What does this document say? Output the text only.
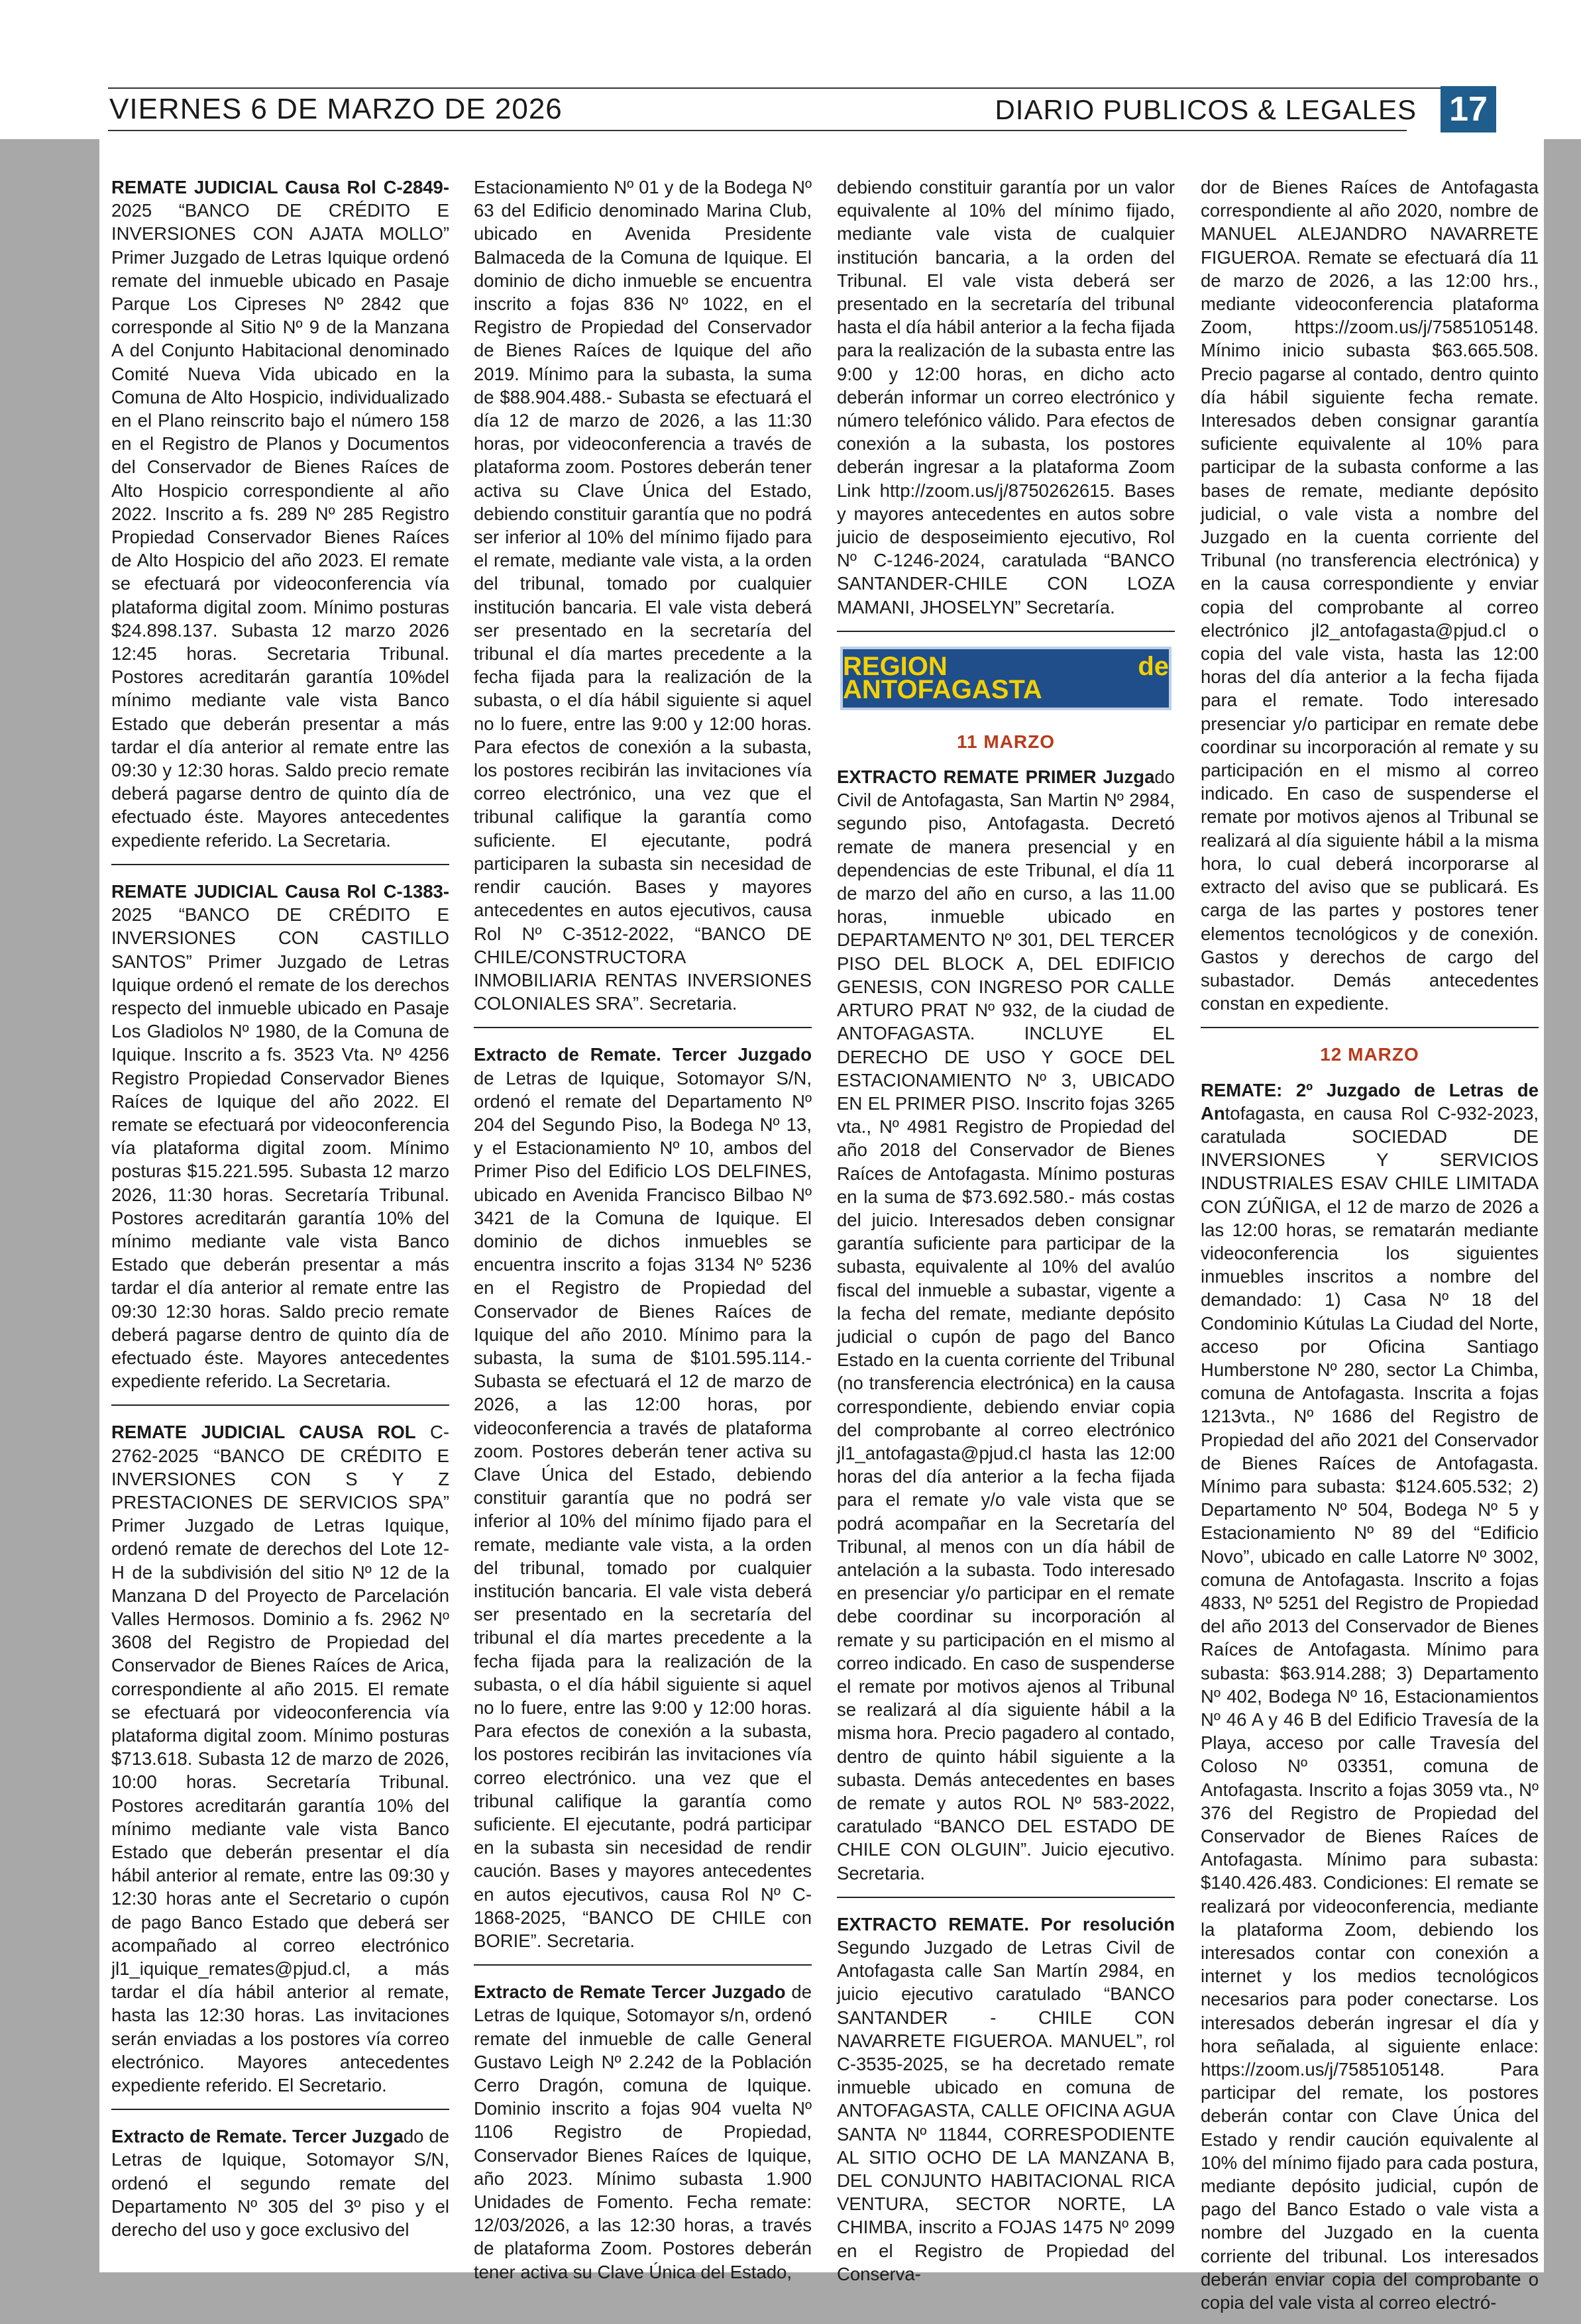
VIERNES 6 DE MARZO DE 2026	DIARIO PUBLICOS & LEGALES 17

REMATE JUDICIAL Causa Rol C-2849-2025 “BANCO DE CRÉDITO E INVERSIONES CON AJATA MOLLO” Primer Juzgado de Letras Iquique ordenó remate del inmueble ubicado en Pasaje Parque Los Cipreses Nº 2842 que corresponde al Sitio Nº 9 de la Manzana A del Conjunto Habitacional denominado Comité Nueva Vida ubicado en la Comuna de Alto Hospicio, individualizado en el Plano reinscrito bajo el número 158 en el Registro de Planos y Documentos del Conservador de Bienes Raíces de Alto Hospicio correspondiente al año 2022. Inscrito a fs. 289 Nº 285 Registro Propiedad Conservador Bienes Raíces de Alto Hospicio del año 2023. El remate se efectuará por videoconferencia vía plataforma digital zoom. Mínimo posturas $24.898.137. Subasta 12 marzo 2026 12:45 horas. Secretaria Tribunal. Postores acreditarán garantía 10%del mínimo mediante vale vista Banco Estado que deberán presentar a más tardar el día anterior al remate entre las 09:30 y 12:30 horas. Saldo precio remate deberá pagarse dentro de quinto día de efectuado éste. Mayores antecedentes expediente referido. La Secretaria.

REMATE JUDICIAL Causa Rol C-1383-2025 “BANCO DE CRÉDITO E INVERSIONES CON CASTILLO SANTOS” Primer Juzgado de Letras Iquique ordenó el remate de los derechos respecto del inmueble ubicado en Pasaje Los Gladiolos Nº 1980, de la Comuna de Iquique. Inscrito a fs. 3523 Vta. Nº 4256 Registro Propiedad Conservador Bienes Raíces de Iquique del año 2022. El remate se efectuará por videoconferencia vía plataforma digital zoom. Mínimo posturas $15.221.595. Subasta 12 marzo 2026, 11:30 horas. Secretaría Tribunal. Postores acreditarán garantía 10% del mínimo mediante vale vista Banco Estado que deberán presentar a más tardar el día anterior al remate entre Ias 09:30 12:30 horas. Saldo precio remate deberá pagarse dentro de quinto día de efectuado éste. Mayores antecedentes expediente referido. La Secretaria.

REMATE JUDICIAL CAUSA ROL C-2762-2025 “BANCO DE CRÉDITO E INVERSIONES CON S Y Z PRESTACIONES DE SERVICIOS SPA” Primer Juzgado de Letras Iquique, ordenó remate de derechos del Lote 12-H de la subdivisión del sitio Nº 12 de la Manzana D del Proyecto de Parcelación Valles Hermosos. Dominio a fs. 2962 Nº 3608 del Registro de Propiedad del Conservador de Bienes Raíces de Arica, correspondiente al año 2015. El remate se efectuará por videoconferencia vía plataforma digital zoom. Mínimo posturas $713.618. Subasta 12 de marzo de 2026, 10:00 horas. Secretaría Tribunal. Postores acreditarán garantía 10% del mínimo mediante vale vista Banco Estado que deberán presentar el día hábil anterior al remate, entre las 09:30 y 12:30 horas ante el Secretario o cupón de pago Banco Estado que deberá ser acompañado al correo electrónico jl1_iquique_remates@pjud.cl, a más tardar el día hábil anterior al remate, hasta las 12:30 horas. Las invitaciones serán enviadas a los postores vía correo electrónico. Mayores antecedentes expediente referido. El Secretario.

Extracto de Remate. Tercer Juzgado de Letras de Iquique, Sotomayor S/N, ordenó el segundo remate del Departamento Nº 305 del 3º piso y el derecho del uso y goce exclusivo del

Estacionamiento Nº 01 y de la Bodega Nº 63 del Edificio denominado Marina Club, ubicado en Avenida Presidente Balmaceda de la Comuna de Iquique. El dominio de dicho inmueble se encuentra inscrito a fojas 836 Nº 1022, en el Registro de Propiedad del Conservador de Bienes Raíces de Iquique del año 2019. Mínimo para la subasta, la suma de $88.904.488.- Subasta se efectuará el día 12 de marzo de 2026, a las 11:30 horas, por videoconferencia a través de plataforma zoom. Postores deberán tener activa su Clave Única del Estado, debiendo constituir garantía que no podrá ser inferior al 10% del mínimo fijado para el remate, mediante vale vista, a la orden del tribunal, tomado por cualquier institución bancaria. El vale vista deberá ser presentado en la secretaría del tribunal el día martes precedente a la fecha fijada para la realización de la subasta, o el día hábil siguiente si aquel no lo fuere, entre las 9:00 y 12:00 horas. Para efectos de conexión a la subasta, los postores recibirán las invitaciones vía correo electrónico, una vez que el tribunal califique la garantía como suficiente. El ejecutante, podrá participaren la subasta sin necesidad de rendir caución. Bases y mayores antecedentes en autos ejecutivos, causa Rol Nº C-3512-2022, “BANCO DE CHILE/CONSTRUCTORA INMOBILIARIA RENTAS INVERSIONES COLONIALES SRA”. Secretaria.

Extracto de Remate. Tercer Juzgado de Letras de Iquique, Sotomayor S/N, ordenó el remate del Departamento Nº 204 del Segundo Piso, la Bodega Nº 13, y el Estacionamiento Nº 10, ambos del Primer Piso del Edificio LOS DELFINES, ubicado en Avenida Francisco Bilbao Nº 3421 de la Comuna de Iquique. El dominio de dichos inmuebles se encuentra inscrito a fojas 3134 Nº 5236 en el Registro de Propiedad del Conservador de Bienes Raíces de Iquique del año 2010. Mínimo para la subasta, la suma de $101.595.114.-Subasta se efectuará el 12 de marzo de 2026, a las 12:00 horas, por videoconferencia a través de plataforma zoom. Postores deberán tener activa su Clave Única del Estado, debiendo constituir garantía que no podrá ser inferior al 10% del mínimo fijado para el remate, mediante vale vista, a la orden del tribunal, tomado por cualquier institución bancaria. El vale vista deberá ser presentado en la secretaría del tribunal el día martes precedente a la fecha fijada para la realización de la subasta, o el día hábil siguiente si aquel no lo fuere, entre las 9:00 y 12:00 horas. Para efectos de conexión a la subasta, los postores recibirán las invitaciones vía correo electrónico. una vez que el tribunal califique la garantía como suficiente. El ejecutante, podrá participar en la subasta sin necesidad de rendir caución. Bases y mayores antecedentes en autos ejecutivos, causa Rol Nº C-1868-2025, “BANCO DE CHILE con BORIE”. Secretaria.

Extracto de Remate Tercer Juzgado de Letras de Iquique, Sotomayor s/n, ordenó remate del inmueble de calle General Gustavo Leigh Nº 2.242 de la Población Cerro Dragón, comuna de Iquique. Dominio inscrito a fojas 904 vuelta Nº 1106 Registro de Propiedad, Conservador Bienes Raíces de Iquique, año 2023. Mínimo subasta 1.900 Unidades de Fomento. Fecha remate: 12/03/2026, a las 12:30 horas, a través de plataforma Zoom. Postores deberán tener activa su Clave Única del Estado,

debiendo constituir garantía por un valor equivalente al 10% del mínimo fijado, mediante vale vista de cualquier institución bancaria, a la orden del Tribunal. El vale vista deberá ser presentado en la secretaría del tribunal hasta el día hábil anterior a la fecha fijada para la realización de la subasta entre las 9:00 y 12:00 horas, en dicho acto deberán informar un correo electrónico y número telefónico válido. Para efectos de conexión a la subasta, los postores deberán ingresar a la plataforma Zoom Link http://zoom.us/j/8750262615. Bases y mayores antecedentes en autos sobre juicio de desposeimiento ejecutivo, Rol Nº C-1246-2024, caratulada “BANCO SANTANDER-CHILE CON LOZA MAMANI, JHOSELYN” Secretaría.

REGION de ANTOFAGASTA
11 MARZO

EXTRACTO REMATE PRIMER Juzgado Civil de Antofagasta, San Martin Nº 2984, segundo piso, Antofagasta. Decretó remate de manera presencial y en dependencias de este Tribunal, el día 11 de marzo del año en curso, a las 11.00 horas, inmueble ubicado en DEPARTAMENTO Nº 301, DEL TERCER PISO DEL BLOCK A, DEL EDIFICIO GENESIS, CON INGRESO POR CALLE ARTURO PRAT Nº 932, de la ciudad de ANTOFAGASTA. INCLUYE EL DERECHO DE USO Y GOCE DEL ESTACIONAMIENTO Nº 3, UBICADO EN EL PRIMER PISO. Inscrito fojas 3265 vta., Nº 4981 Registro de Propiedad del año 2018 del Conservador de Bienes Raíces de Antofagasta. Mínimo posturas en la suma de $73.692.580.- más costas del juicio. Interesados deben consignar garantía suficiente para participar de la subasta, equivalente al 10% del avalúo fiscal del inmueble a subastar, vigente a la fecha del remate, mediante depósito judicial o cupón de pago del Banco Estado en Ia cuenta corriente del Tribunal (no transferencia electrónica) en la causa correspondiente, debiendo enviar copia del comprobante al correo electrónico jl1_antofagasta@pjud.cl hasta las 12:00 horas del día anterior a la fecha fijada para el remate y/o vale vista que se podrá acompañar en la Secretaría del Tribunal, al menos con un día hábil de antelación a la subasta. Todo interesado en presenciar y/o participar en el remate debe coordinar su incorporación al remate y su participación en el mismo al correo indicado. En caso de suspenderse el remate por motivos ajenos al Tribunal se realizará al día siguiente hábil a la misma hora. Precio pagadero al contado, dentro de quinto hábil siguiente a la subasta. Demás antecedentes en bases de remate y autos ROL Nº 583-2022, caratulado “BANCO DEL ESTADO DE CHILE CON OLGUIN”. Juicio ejecutivo. Secretaria.

EXTRACTO REMATE. Por resolución Segundo Juzgado de Letras Civil de Antofagasta calle San Martín 2984, en juicio ejecutivo caratulado “BANCO SANTANDER - CHILE CON NAVARRETE FIGUEROA. MANUEL”, rol C-3535-2025, se ha decretado remate inmueble ubicado en comuna de ANTOFAGASTA, CALLE OFICINA AGUA SANTA Nº 11844, CORRESPODIENTE AL SITIO OCHO DE LA MANZANA B, DEL CONJUNTO HABITACIONAL RICA VENTURA, SECTOR NORTE, LA CHIMBA, inscrito a FOJAS 1475 Nº 2099 en el Registro de Propiedad del Conserva-

dor de Bienes Raíces de Antofagasta correspondiente al año 2020, nombre de MANUEL ALEJANDRO NAVARRETE FIGUEROA. Remate se efectuará día 11 de marzo de 2026, a las 12:00 hrs., mediante videoconferencia plataforma Zoom, https://zoom.us/j/7585105148. Mínimo inicio subasta $63.665.508. Precio pagarse al contado, dentro quinto día hábil siguiente fecha remate. Interesados deben consignar garantía suficiente equivalente al 10% para participar de la subasta conforme a las bases de remate, mediante depósito judicial, o vale vista a nombre del Juzgado en la cuenta corriente del Tribunal (no transferencia electrónica) y en la causa correspondiente y enviar copia del comprobante al correo electrónico jl2_antofagasta@pjud.cl o copia del vale vista, hasta las 12:00 horas del día anterior a la fecha fijada para el remate. Todo interesado presenciar y/o participar en remate debe coordinar su incorporación al remate y su participación en el mismo al correo indicado. En caso de suspenderse el remate por motivos ajenos aI Tribunal se realizará al día siguiente hábil a la misma hora, lo cual deberá incorporarse al extracto del aviso que se publicará. Es carga de las partes y postores tener elementos tecnológicos y de conexión. Gastos y derechos de cargo del subastador. Demás antecedentes constan en expediente.

12 MARZO

REMATE: 2º Juzgado de Letras de Antofagasta, en causa Rol C-932-2023, caratulada SOCIEDAD DE INVERSIONES Y SERVICIOS INDUSTRIALES ESAV CHILE LIMITADA CON ZÚÑIGA, el 12 de marzo de 2026 a las 12:00 horas, se rematarán mediante videoconferencia los siguientes inmuebles inscritos a nombre del demandado: 1) Casa Nº 18 del Condominio Kútulas La Ciudad del Norte, acceso por Oficina Santiago Humberstone Nº 280, sector La Chimba, comuna de Antofagasta. Inscrita a fojas 1213vta., Nº 1686 del Registro de Propiedad del año 2021 del Conservador de Bienes Raíces de Antofagasta. Mínimo para subasta: $124.605.532; 2) Departamento Nº 504, Bodega Nº 5 y Estacionamiento Nº 89 del “Edificio Novo”, ubicado en calle Latorre Nº 3002, comuna de Antofagasta. Inscrito a fojas 4833, Nº 5251 del Registro de Propiedad del año 2013 del Conservador de Bienes Raíces de Antofagasta. Mínimo para subasta: $63.914.288; 3) Departamento Nº 402, Bodega Nº 16, Estacionamientos Nº 46 A y 46 B del Edificio Travesía de la Playa, acceso por calle Travesía del Coloso Nº 03351, comuna de Antofagasta. Inscrito a fojas 3059 vta., Nº 376 del Registro de Propiedad del Conservador de Bienes Raíces de Antofagasta. Mínimo para subasta: $140.426.483. Condiciones: El remate se realizará por videoconferencia, mediante la plataforma Zoom, debiendo los interesados contar con conexión a internet y los medios tecnológicos necesarios para poder conectarse. Los interesados deberán ingresar el día y hora señalada, al siguiente enlace: https://zoom.us/j/7585105148. Para participar del remate, los postores deberán contar con Clave Única del Estado y rendir caución equivalente al 10% del mínimo fijado para cada postura, mediante depósito judicial, cupón de pago del Banco Estado o vale vista a nombre del Juzgado en la cuenta corriente del tribunal. Los interesados deberán enviar copia del comprobante o copia del vale vista al correo electró-
